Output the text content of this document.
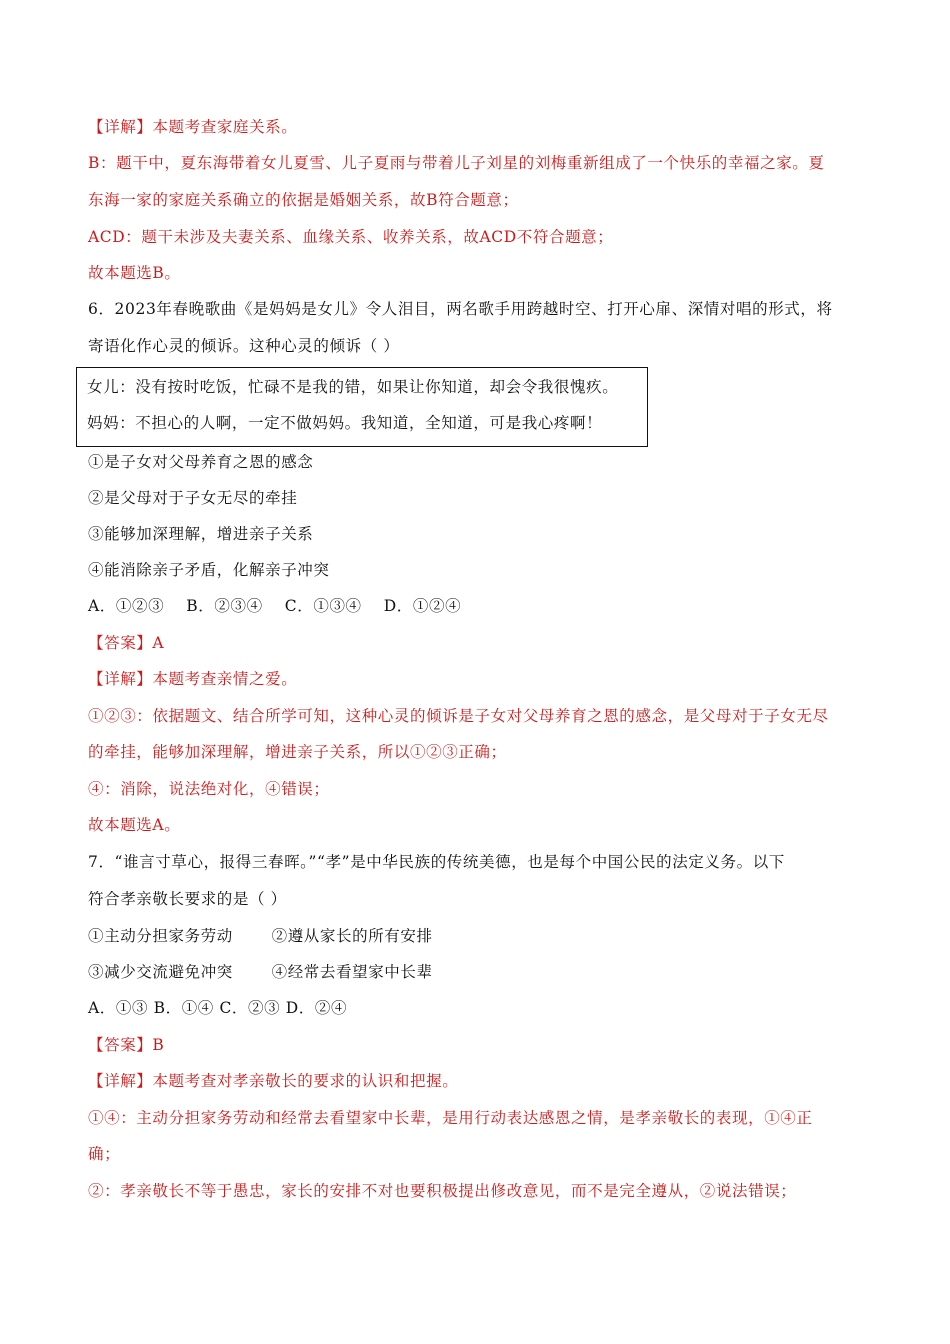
【详解】本题考查家庭关系。
B：题干中，夏东海带着女儿夏雪、儿子夏雨与带着儿子刘星的刘梅重新组成了一个快乐的幸福之家。夏
东海一家的家庭关系确立的依据是婚姻关系，故B符合题意；
ACD：题干未涉及夫妻关系、血缘关系、收养关系，故ACD不符合题意；
故本题选B。
6．2023年春晚歌曲《是妈妈是女儿》令人泪目，两名歌手用跨越时空、打开心扉、深情对唱的形式，将
寄语化作心灵的倾诉。这种心灵的倾诉（ ）
女儿：没有按时吃饭，忙碌不是我的错，如果让你知道，却会令我很愧疚。
妈妈：不担心的人啊，一定不做妈妈。我知道，全知道，可是我心疼啊！
①是子女对父母养育之恩的感念
②是父母对于子女无尽的牵挂
③能够加深理解，增进亲子关系
④能消除亲子矛盾，化解亲子冲突
A．①②③    B．②③④    C．①③④    D．①②④
【答案】A
【详解】本题考查亲情之爱。
①②③：依据题文、结合所学可知，这种心灵的倾诉是子女对父母养育之恩的感念，是父母对于子女无尽
的牵挂，能够加深理解，增进亲子关系，所以①②③正确；
④：消除，说法绝对化，④错误；
故本题选A。
7．“谁言寸草心，报得三春晖。”“孝”是中华民族的传统美德，也是每个中国公民的法定义务。以下
符合孝亲敬长要求的是（ ）
①主动分担家务劳动       ②遵从家长的所有安排
③减少交流避免冲突       ④经常去看望家中长辈
A．①③ B．①④ C．②③ D．②④
【答案】B
【详解】本题考查对孝亲敬长的要求的认识和把握。
①④：主动分担家务劳动和经常去看望家中长辈，是用行动表达感恩之情，是孝亲敬长的表现，①④正
确；
②：孝亲敬长不等于愚忠，家长的安排不对也要积极提出修改意见，而不是完全遵从，②说法错误；
